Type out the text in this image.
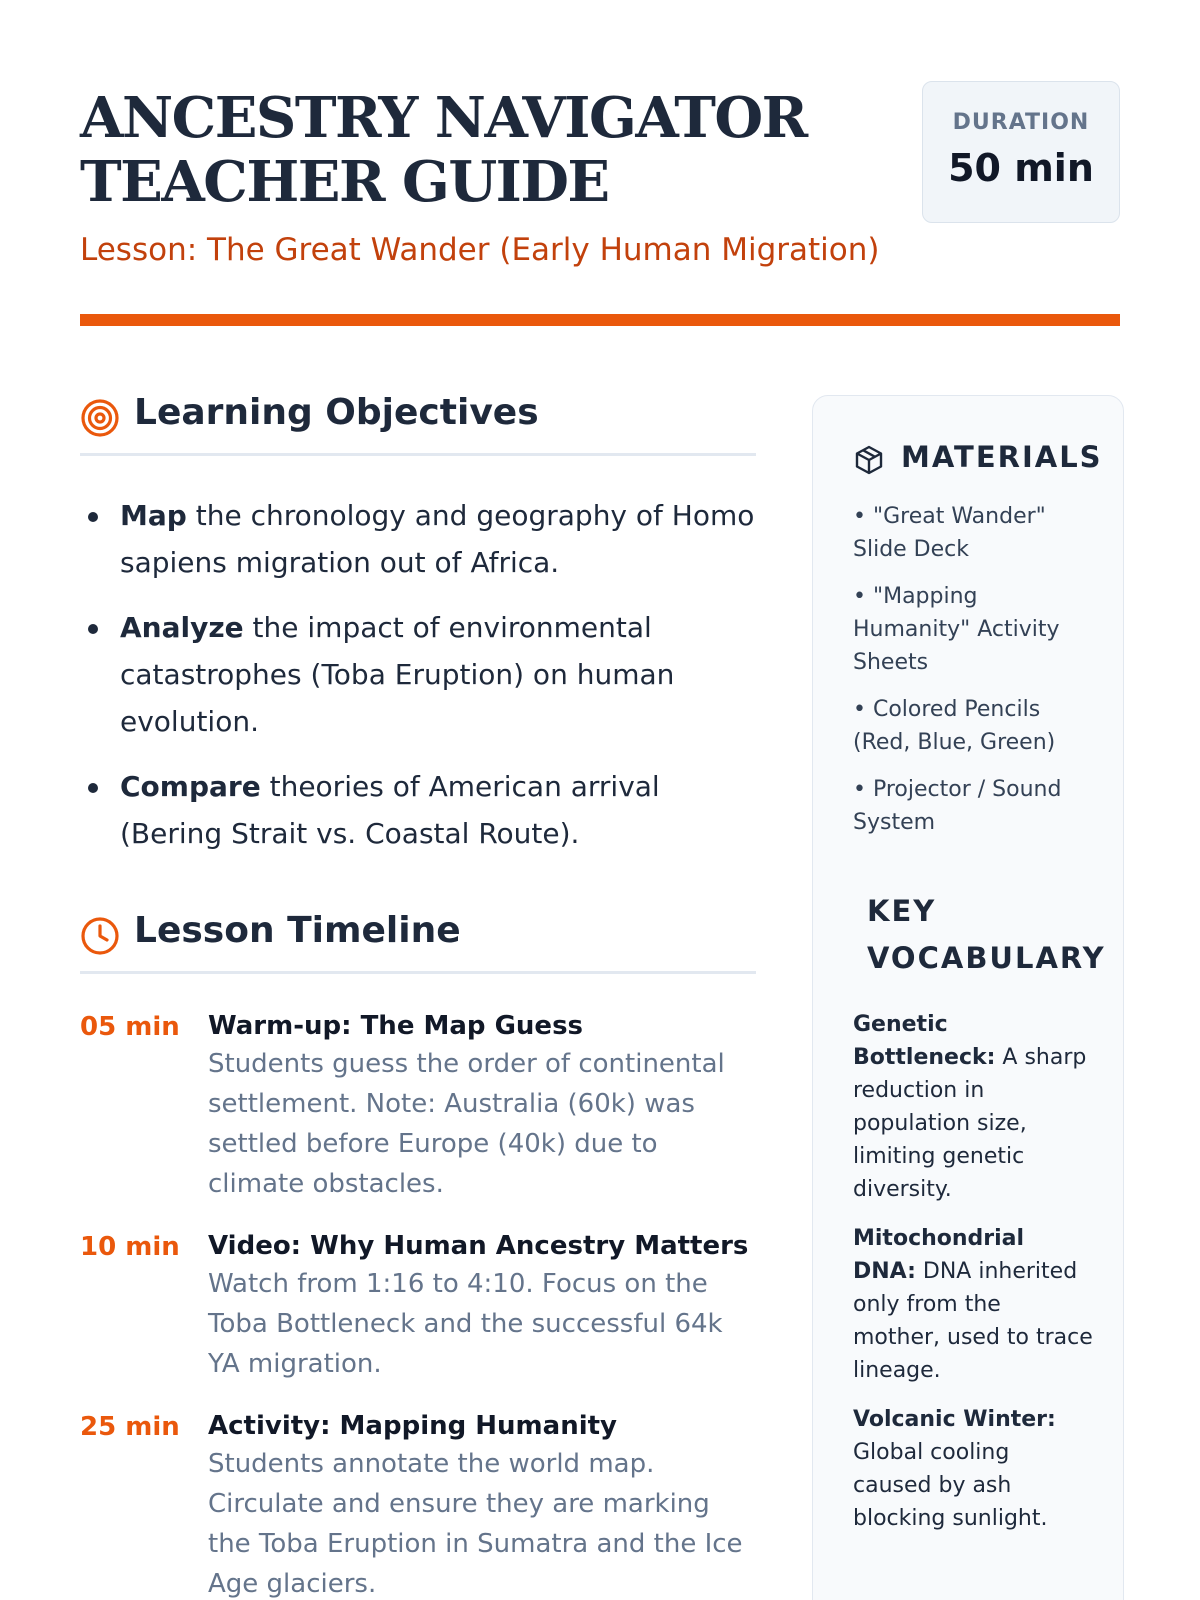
ANCESTRY NAVIGATOR
TEACHER GUIDE
Lesson: The Great Wander (Early Human Migration)
DURATION
50 min
Learning Objectives
Map the chronology and geography of Homo sapiens migration out of Africa.
Analyze the impact of environmental catastrophes (Toba Eruption) on human evolution.
Compare theories of American arrival (Bering Strait vs. Coastal Route).
Lesson Timeline
05 min	Warm-up: The Map Guess
Students guess the order of continental settlement. Note: Australia (60k) was settled before Europe (40k) due to climate obstacles.
10 min	Video: Why Human Ancestry Matters
Watch from 1:16 to 4:10. Focus on the Toba Bottleneck and the successful 64k YA migration.
25 min	Activity: Mapping Humanity
Students annotate the world map. Circulate and ensure they are marking the Toba Eruption in Sumatra and the Ice Age glaciers.
MATERIALS
• "Great Wander" Slide Deck
• "Mapping Humanity" Activity Sheets
• Colored Pencils (Red, Blue, Green)
• Projector / Sound System
KEY VOCABULARY

Genetic Bottleneck: A sharp reduction in population size, limiting genetic diversity.

Mitochondrial DNA: DNA inherited only from the mother, used to trace lineage.

Volcanic Winter: Global cooling caused by ash blocking sunlight.
